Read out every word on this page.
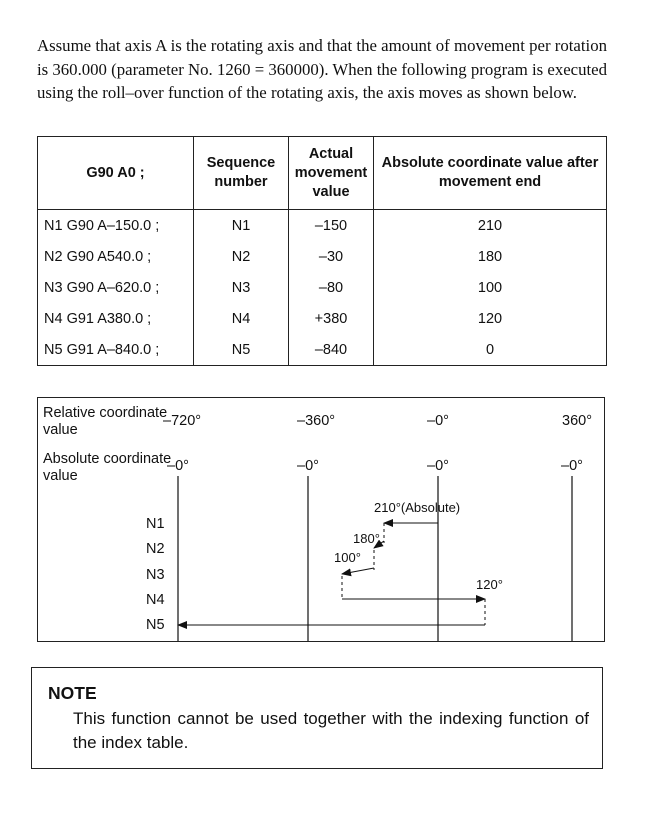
Assume that axis A is the rotating axis and that the amount of movement per rotation is 360.000 (parameter No. 1260 = 360000). When the following program is executed using the roll–over function of the rotating axis, the axis moves as shown below.

G90 A0 ;	Sequence number	Actual movement value	Absolute coordinate value after movement end
N1 G90 A–150.0 ;	N1	–150	210
N2 G90 A540.0 ;	N2	–30	180
N3 G90 A–620.0 ;	N3	–80	100
N4 G91 A380.0 ;	N4	+380	120
N5 G91 A–840.0 ;	N5	–840	0
Relative coordinate value
Absolute coordinate value
–720°	–360°	–0°	360°
–0°	–0°	–0°	–0°
N1
N2
N3
N4
N5
210°(Absolute)
180°
100°
120°
NOTE

This function cannot be used together with the indexing function of the index table.
